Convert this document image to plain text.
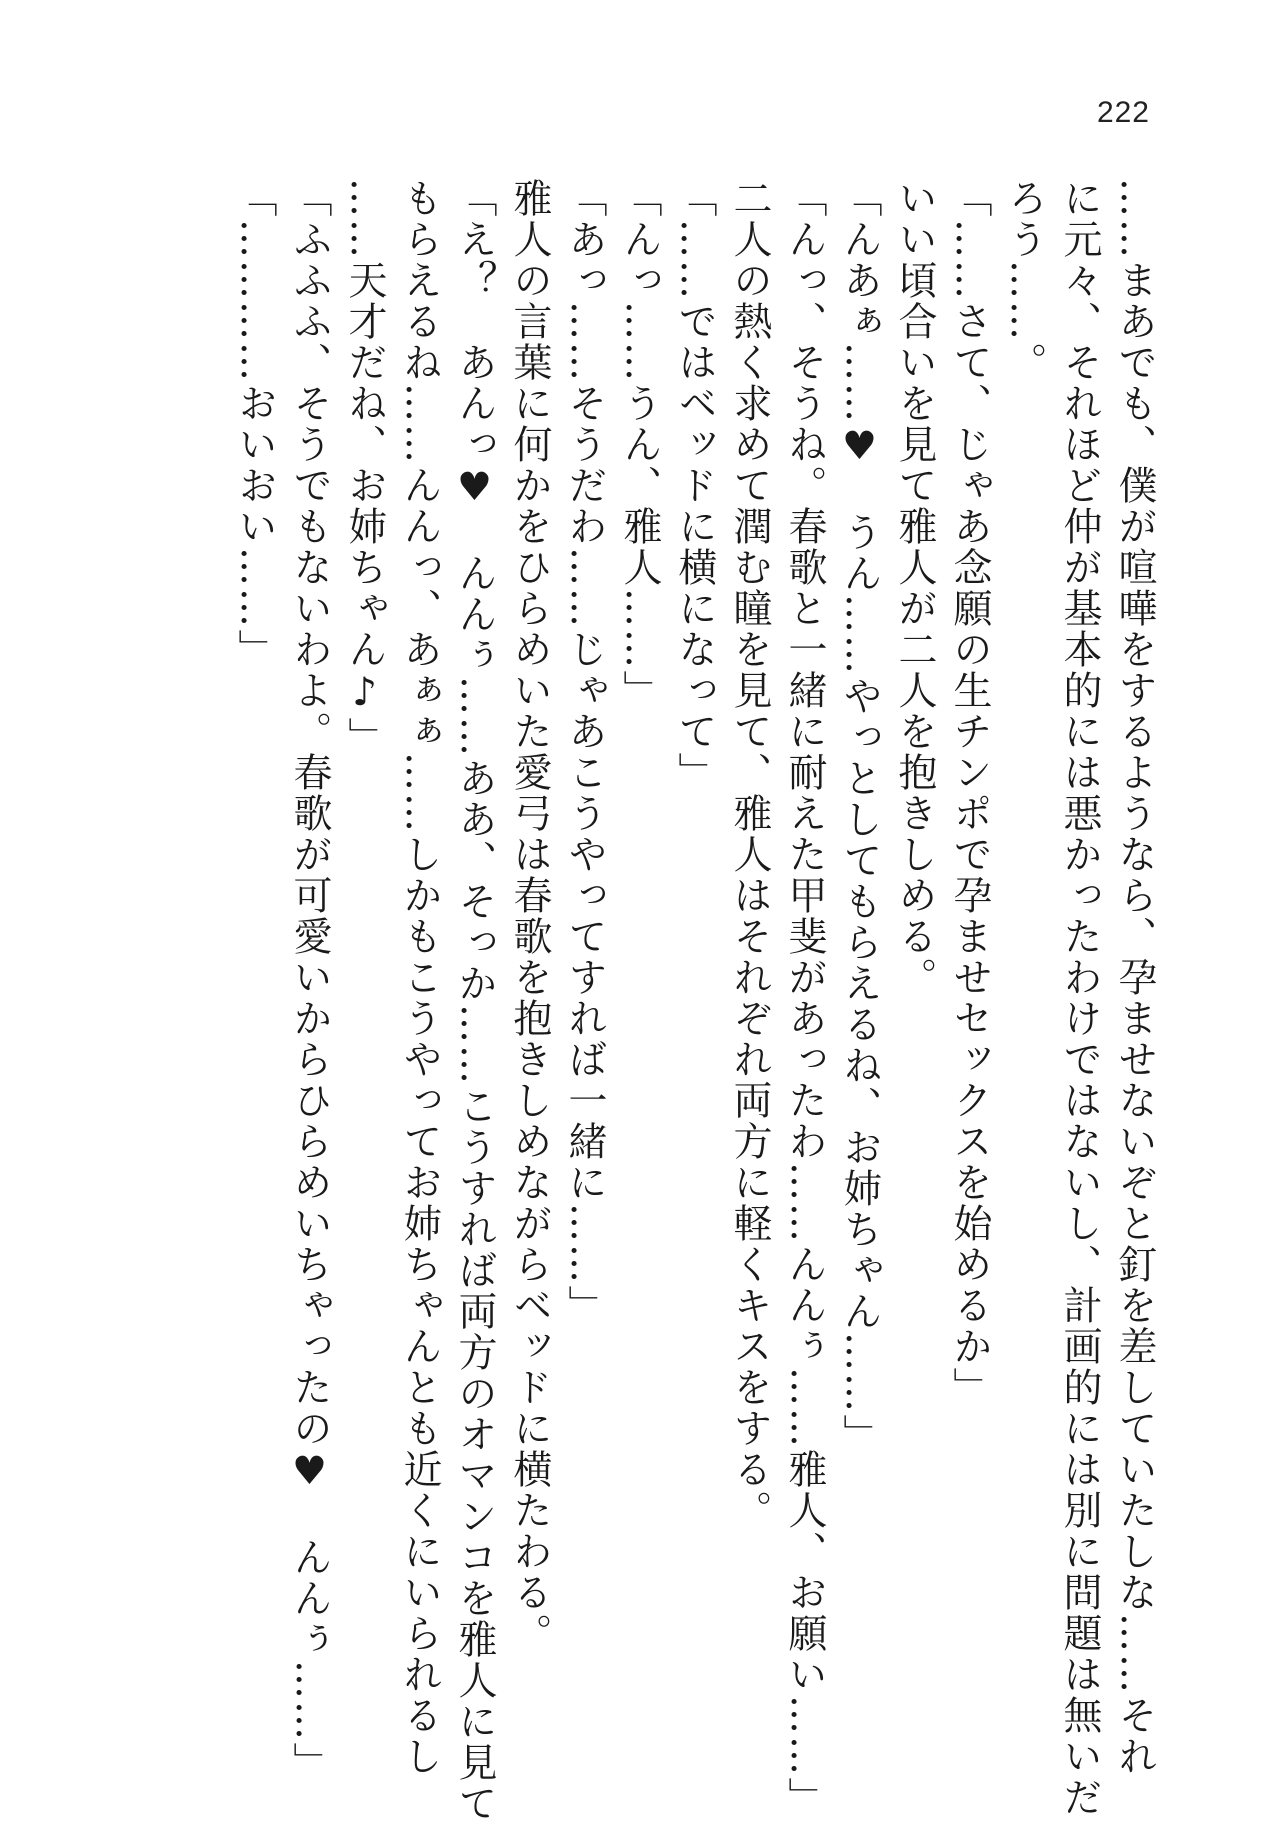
222
……まあでも、僕が喧嘩をするようなら、孕ませないぞと釘を差していたしな……それ
に元々、それほど仲が基本的には悪かったわけではないし、計画的には別に問題は無いだ
ろう……。
「……さて、じゃあ念願の生チンポで孕ませセックスを始めるか」
いい頃合いを見て雅人が二人を抱きしめる。
「んあぁ……♥　うん……やっとしてもらえるね、お姉ちゃん……」
「んっ、そうね。春歌と一緒に耐えた甲斐があったわ……んんぅ……雅人、お願い……」
二人の熱く求めて潤む瞳を見て、雅人はそれぞれ両方に軽くキスをする。
「……ではベッドに横になって」
「んっ……うん、雅人……」
「あっ……そうだわ……じゃあこうやってすれば一緒に……」
雅人の言葉に何かをひらめいた愛弓は春歌を抱きしめながらベッドに横たわる。
「え？　あんっ♥　んんぅ……ああ、そっか……こうすれば両方のオマンコを雅人に見て
もらえるね……んんっ、あぁぁ……しかもこうやってお姉ちゃんとも近くにいられるし
……天才だね、お姉ちゃん♪」
「ふふふ、そうでもないわよ。春歌が可愛いからひらめいちゃったの♥　んんぅ……」
「…………おいおい……」
